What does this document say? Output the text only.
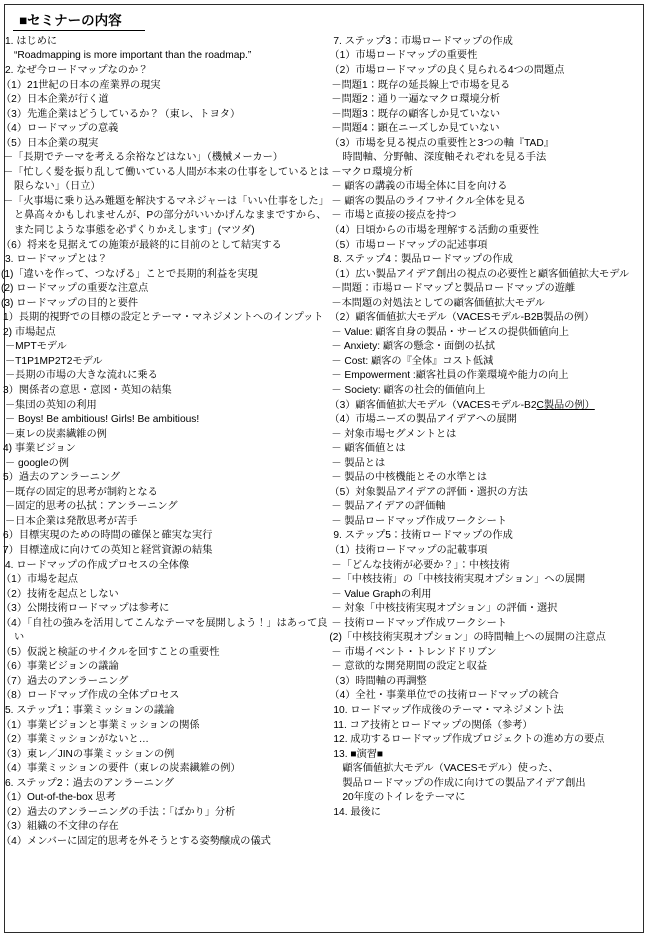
■セミナーの内容
1. はじめに
“Roadmapping is more important than the roadmap.”
2. なぜ今ロードマップなのか？
（1）21世紀の日本の産業界の現実
（2）日本企業が行く道
（3）先進企業はどうしているか？（東レ、トヨタ）
（4）ロードマップの意義
（5）日本企業の現実
－「長期でテーマを考える余裕などはない」（機械メーカー）
－「忙しく髪を振り乱して働いている人間が本来の仕事をしているとは限らない」（日立）
－「火事場に乗り込み難題を解決するマネジャーは「いい仕事をした」と鼻高々かもしれませんが、Pの部分がいいかげんなままですから、また同じような事態を必ずくりかえします」(マツダ)
（6）将来を見据えての施策が最終的に目前のとして結実する
3. ロードマップとは？
(1)「違いを作って、つなげる」ことで長期的利益を実現
(2) ロードマップの重要な注意点
(3) ロードマップの目的と要件
1）長期的視野での目標の設定とテーマ・マネジメントへのインプット
2) 市場起点
－MPTモデル
－T1P1MP2T2モデル
－長期の市場の大きな流れに乗る
3）関係者の意思・意図・英知の結集
－集団の英知の利用
－ Boys! Be ambitious! Girls! Be ambitious!
－東レの炭素繊維の例
4) 事業ビジョン
－ googleの例
5）過去のアンラーニング
－既存の固定的思考が制約となる
－固定的思考の払拭：アンラーニング
－日本企業は発散思考が苦手
6）目標実現のための時間の確保と確実な実行
7）目標達成に向けての英知と経営資源の結集
4. ロードマップの作成プロセスの全体像
（1）市場を起点
（2）技術を起点としない
（3）公開技術ロードマップは参考に
（4）「自社の強みを活用してこんなテーマを展開しよう！」はあって良い
（5）仮説と検証のサイクルを回すことの重要性
（6）事業ビジョンの議論
（7）過去のアンラーニング
（8）ロードマップ作成の全体プロセス
5. ステップ1：事業ミッションの議論
（1）事業ビジョンと事業ミッションの関係
（2）事業ミッションがないと…
（3）東レ／JINの事業ミッションの例
（4）事業ミッションの要件（東レの炭素繊維の例）
6. ステップ2：過去のアンラーニング
（1）Out-of-the-box 思考
（2）過去のアンラーニングの手法：「ばかり」分析
（3）組織の不文律の存在
（4）メンバーに固定的思考を外そうとする姿勢醸成の儀式
7. ステップ3：市場ロードマップの作成
（1）市場ロードマップの重要性
（2）市場ロードマップの良く見られる4つの問題点
－問題1：既存の延長線上で市場を見る
－問題2：通り一遍なマクロ環境分析
－問題3：既存の顧客しか見ていない
－問題4：顕在ニーズしか見ていない
（3）市場を見る視点の重要性と3つの軸『TAD』
時間軸、分野軸、深度軸それぞれを見る手法
－マクロ環境分析
－ 顧客の講義の市場全体に目を向ける
－ 顧客の製品のライフサイクル全体を見る
－ 市場と直接の接点を持つ
（4）日頃からの市場を理解する活動の重要性
（5）市場ロードマップの記述事項
8. ステップ4：製品ロードマップの作成
（1）広い製品アイデア創出の視点の必要性と顧客価値拡大モデル
－問題：市場ロードマップと製品ロードマップの遊離
－本問題の対処法としての顧客価値拡大モデル
（2）顧客価値拡大モデル（VACESモデル‐B2B製品の例）
－ Value: 顧客自身の製品・サービスの提供価値向上
－ Anxiety: 顧客の懸念・面倒の払拭
－ Cost: 顧客の『全体』コスト低減
－ Empowerment :顧客社員の作業環境や能力の向上
－ Society: 顧客の社会的価値向上
（3）顧客価値拡大モデル（VACESモデル‐B2C製品の例）
（4）市場ニーズの製品アイデアへの展開
－ 対象市場セグメントとは
－ 顧客価値とは
－ 製品とは
－ 製品の中核機能とその水準とは
（5）対象製品アイデアの評価・選択の方法
－ 製品アイデアの評価軸
－ 製品ロードマップ作成ワークシート
9. ステップ5：技術ロードマップの作成
（1）技術ロードマップの記載事項
－「どんな技術が必要か？」：中核技術
－「中核技術」の「中核技術実現オプション」への展開
－ Value Graphの利用
－ 対象「中核技術実現オプション」の評価・選択
－ 技術ロードマップ作成ワークシート
(2)「中核技術実現オプション」の時間軸上への展開の注意点
－ 市場イベント・トレンドドリブン
－ 意欲的な開発期間の設定と収益
（3）時間軸の再調整
（4）全社・事業単位での技術ロードマップの統合
10. ロードマップ作成後のテーマ・マネジメント法
11. コア技術とロードマップの関係（参考）
12. 成功するロードマップ作成プロジェクトの進め方の要点
13. ■演習■
顧客価値拡大モデル（VACESモデル）使った、
製品ロードマップの作成に向けての製品アイデア創出
20年度のトイレをテーマに
14. 最後に
